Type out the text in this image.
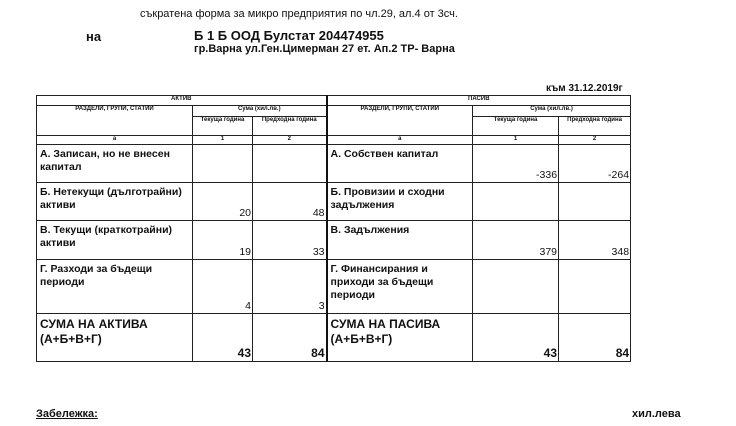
съкратена форма за микро предприятия по чл.29, ал.4 от 3сч.
на	Б 1 Б ООД Булстат 204474955
гр.Варна ул.Ген.Цимерман 27 ет. Ап.2 ТР- Варна
към 31.12.2019г
АКТИВ			ПАСИВ		
РАЗДЕЛИ, ГРУПИ, СТАТИИ	Сума (хил.лв.)		РАЗДЕЛИ, ГРУПИ, СТАТИИ	Сума (хил.лв.)	
	Текуща година	Предходна година		Текуща година	Предходна година
а	1	2	а	1	2
А. Записан, но не внесен капитал			А. Собствен капитал	-336	-264
Б. Нетекущи (дълготрайни) активи	20	48	Б. Провизии и сходни задължения		
В. Текущи (краткотрайни) активи	19	33	В. Задължения	379	348
Г. Разходи за бъдещи периоди	4	3	Г. Финансирания и приходи за бъдещи периоди		
СУМА НА АКТИВА (А+Б+В+Г)	43	84	СУМА НА ПАСИВА (А+Б+В+Г)	43	84
Забележка:	хил.лева
